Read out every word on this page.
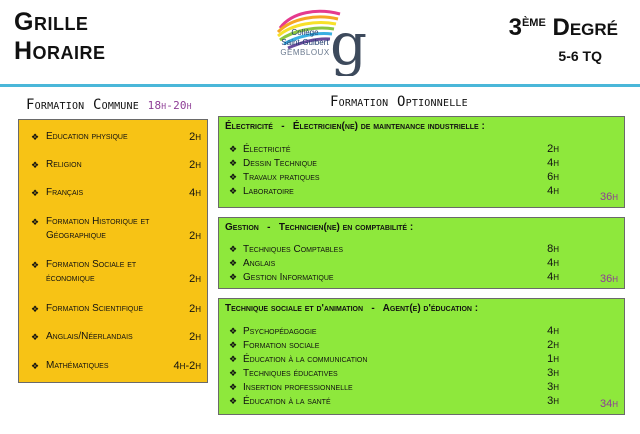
Grille
Horaire	g
Collège
Saint-Guibert
GEMBLOUX
3ème Degré
5-6 TQ
Formation Commune 18h-20h	Formation Optionnelle
❖ Education physique	2h
❖ Religion	2h
❖ Français	4h
❖ Formation Historique et Géographique	2h
❖ Formation Sociale et économique	2h
❖ Formation Scientifique	2h
❖ Anglais/Néerlandais	2h
❖ Mathématiques	4h-2h
Électricité   -   Électricien(ne) de maintenance industrielle :
❖ Électricité	2h
❖ Dessin Technique	4h
❖ Travaux pratiques	6h
❖ Laboratoire	4h	36h
Gestion   -   Technicien(ne) en comptabilité :
❖ Techniques Comptables	8h
❖ Anglais	4h
❖ Gestion Informatique	4h	36h
Technique sociale et d'animation   -   Agent(e) d'éducation :
❖ Psychopédagogie	4h
❖ Formation sociale	2h
❖ Éducation à la communication	1h
❖ Techniques éducatives	3h
❖ Insertion professionnelle	3h
❖ Éducation à la santé	3h	34h
